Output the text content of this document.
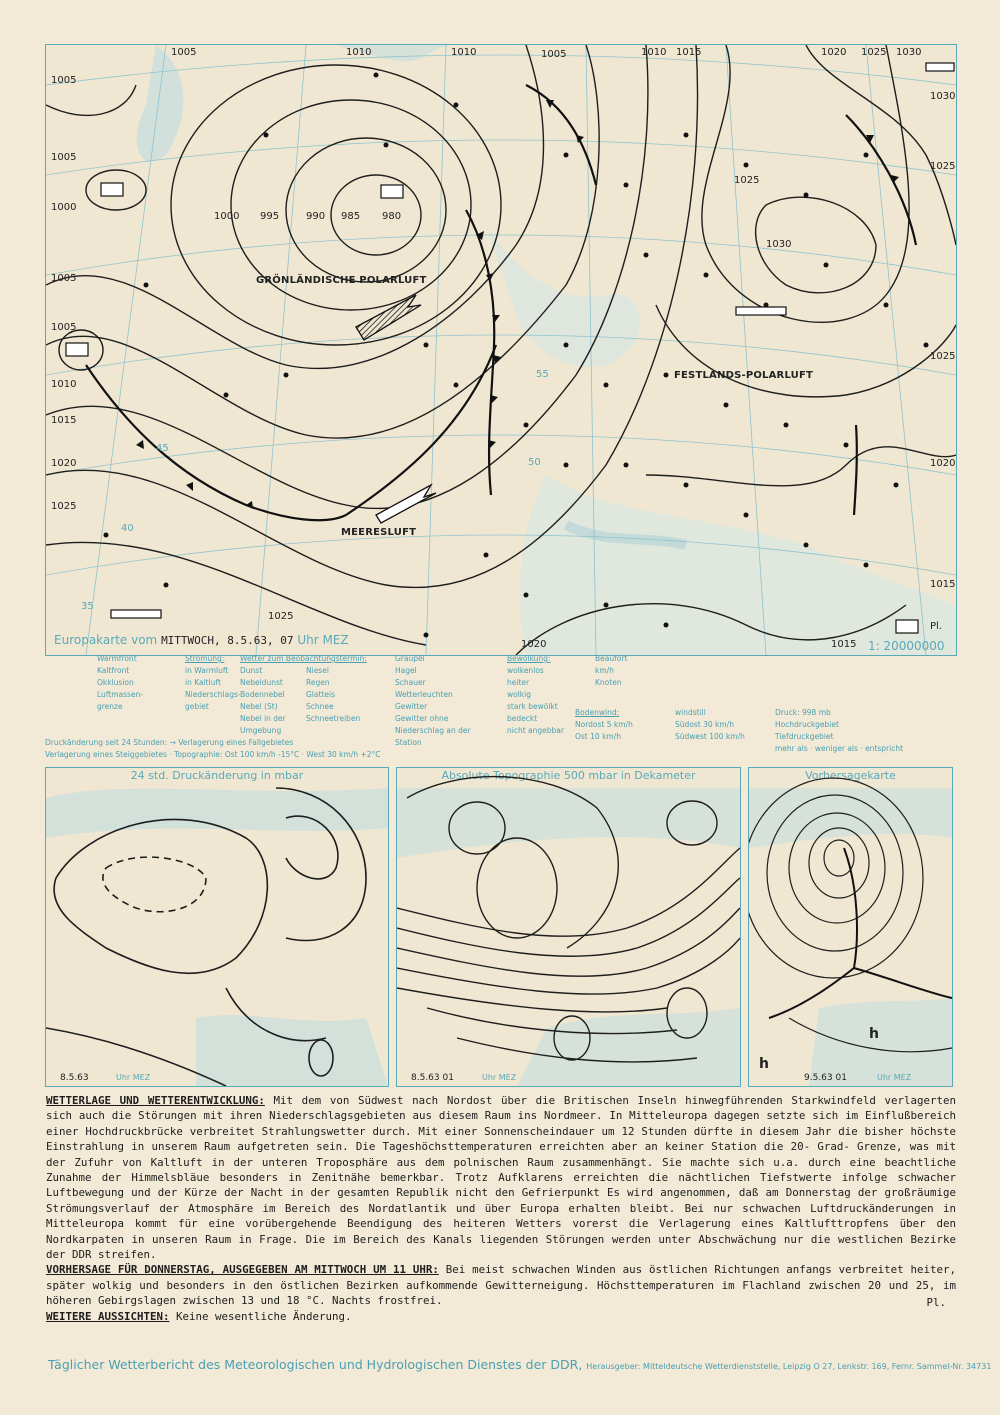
1005	1010	1010	1005	1010 1015	1020 1025 1030
1005
1005
1000
1005
1005
1010
1015
1020
1025
1000 995	990 985 980
1030
1025
1025
1030
1025
1020
1015
1015
1025
1020
55
50
45
40
35
GRÖNLÄNDISCHE POLARLUFT
FESTLANDS-POLARLUFT
MEERESLUFT
Europakarte vom MITTWOCH, 8.5.63, 07 Uhr MEZ	1: 20000000
Pl.
Warmfront
Kaltfront
Okklusion
Luftmassen-grenze
Strömung:
in Warmluft
in Kaltluft
Niederschlags-gebiet
Wetter zum Beobachtungstermin:
Dunst
Nebeldunst
Bodennebel
Nebel (St) Nebel in der Umgebung
Niesel
Regen
Glatteis
Schnee
Schneetreiben
Graupel
Hagel
Schauer
Wetterleuchten
Gewitter
Gewitter ohne Niederschlag an der Station
Bewölkung:
wolkenlos
heiter
wolkig
stark bewölkt
bedeckt
nicht angebbar
Beaufort
km/h
Knoten
Bodenwind:
Nordost 5 km/h
Ost 10 km/h
windstill
Südost 30 km/h
Südwest 100 km/h
Druck: 998 mb
Hochdruckgebiet
Tiefdruckgebiet
mehr als · weniger als · entspricht
Druckänderung seit 24 Stunden: → Verlagerung eines Fallgebietes
Verlagerung eines Steiggebietes · Topographie: Ost 100 km/h -15°C · West 30 km/h +2°C
24 std. Druckänderung in mbar
8.5.63	Uhr MEZ
Absolute Topographie 500 mbar in Dekameter
8.5.63 01	Uhr MEZ
Vorhersagekarte
h
h
9.5.63 01	Uhr MEZ

WETTERLAGE UND WETTERENTWICKLUNG: Mit dem von Südwest nach Nordost über die Britischen Inseln hinwegführenden Starkwindfeld verlagerten sich auch die Störungen mit ihren Niederschlagsgebieten aus diesem Raum ins Nordmeer. In Mitteleuropa dagegen setzte sich im Einflußbereich einer Hochdruckbrücke verbreitet Strahlungswetter durch. Mit einer Sonnenscheindauer um 12 Stunden dürfte in diesem Jahr die bisher höchste Einstrahlung in unserem Raum aufgetreten sein. Die Tageshöchsttemperaturen erreichten aber an keiner Station die 20- Grad- Grenze, was mit der Zufuhr von Kaltluft in der unteren Troposphäre aus dem polnischen Raum zusammenhängt. Sie machte sich u.a. durch eine beachtliche Zunahme der Himmelsbläue besonders in Zenitnähe bemerkbar. Trotz Aufklarens erreichten die nächtlichen Tiefstwerte infolge schwacher Luftbewegung und der Kürze der Nacht in der gesamten Republik nicht den Gefrierpunkt Es wird angenommen, daß am Donnerstag der großräumige Strömungsverlauf der Atmosphäre im Bereich des Nordatlantik und über Europa erhalten bleibt. Bei nur schwachen Luftdruckänderungen in Mitteleuropa kommt für eine vorübergehende Beendigung des heiteren Wetters vorerst die Verlagerung eines Kaltlufttropfens über den Nordkarpaten in unseren Raum in Frage. Die im Bereich des Kanals liegenden Störungen werden unter Abschwächung nur die westlichen Bezirke der DDR streifen.

VORHERSAGE FÜR DONNERSTAG, AUSGEGEBEN AM MITTWOCH UM 11 UHR: Bei meist schwachen Winden aus östlichen Richtungen anfangs verbreitet heiter, später wolkig und besonders in den östlichen Bezirken aufkommende Gewitterneigung. Höchsttemperaturen im Flachland zwischen 20 und 25, im höheren Gebirgslagen zwischen 13 und 18 °C. Nachts frostfrei.

WEITERE AUSSICHTEN: Keine wesentliche Änderung.
Pl.

Täglicher Wetterbericht des Meteorologischen und Hydrologischen Dienstes der DDR, Herausgeber: Mitteldeutsche Wetterdienststelle, Leipzig O 27, Lenkstr. 169, Fernr. Sammel-Nr. 34731
